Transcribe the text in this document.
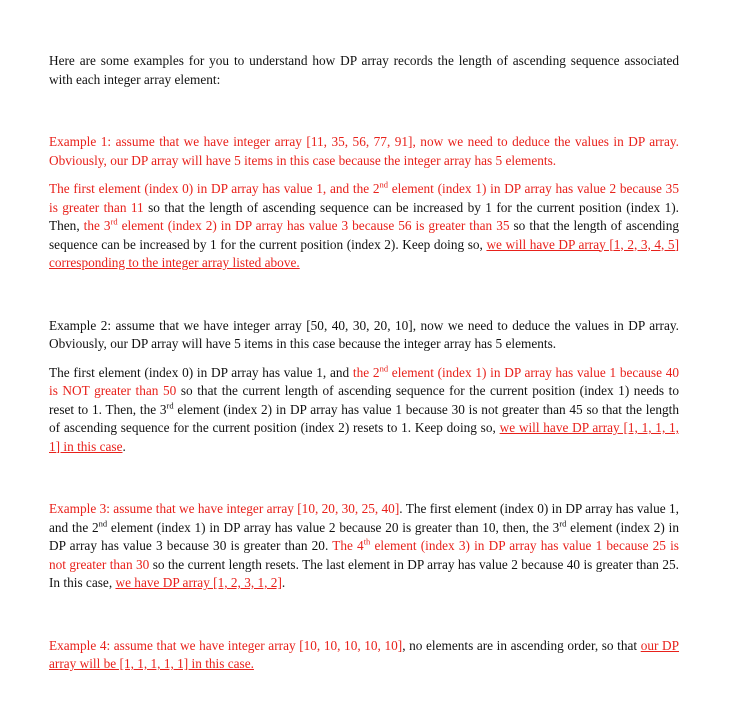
Here are some examples for you to understand how DP array records the length of ascending sequence associated with each integer array element:

Example 1: assume that we have integer array [11, 35, 56, 77, 91], now we need to deduce the values in DP array. Obviously, our DP array will have 5 items in this case because the integer array has 5 elements.

The first element (index 0) in DP array has value 1, and the 2nd element (index 1) in DP array has value 2 because 35 is greater than 11 so that the length of ascending sequence can be increased by 1 for the current position (index 1). Then, the 3rd element (index 2) in DP array has value 3 because 56 is greater than 35 so that the length of ascending sequence can be increased by 1 for the current position (index 2). Keep doing so, we will have DP array [1, 2, 3, 4, 5] corresponding to the integer array listed above.

Example 2: assume that we have integer array [50, 40, 30, 20, 10], now we need to deduce the values in DP array. Obviously, our DP array will have 5 items in this case because the integer array has 5 elements.

The first element (index 0) in DP array has value 1, and the 2nd element (index 1) in DP array has value 1 because 40 is NOT greater than 50 so that the current length of ascending sequence for the current position (index 1) needs to reset to 1. Then, the 3rd element (index 2) in DP array has value 1 because 30 is not greater than 45 so that the length of ascending sequence for the current position (index 2) resets to 1. Keep doing so, we will have DP array [1, 1, 1, 1, 1] in this case.

Example 3: assume that we have integer array [10, 20, 30, 25, 40]. The first element (index 0) in DP array has value 1, and the 2nd element (index 1) in DP array has value 2 because 20 is greater than 10, then, the 3rd element (index 2) in DP array has value 3 because 30 is greater than 20. The 4th element (index 3) in DP array has value 1 because 25 is not greater than 30 so the current length resets. The last element in DP array has value 2 because 40 is greater than 25. In this case, we have DP array [1, 2, 3, 1, 2].

Example 4: assume that we have integer array [10, 10, 10, 10, 10], no elements are in ascending order, so that our DP array will be [1, 1, 1, 1, 1] in this case.
